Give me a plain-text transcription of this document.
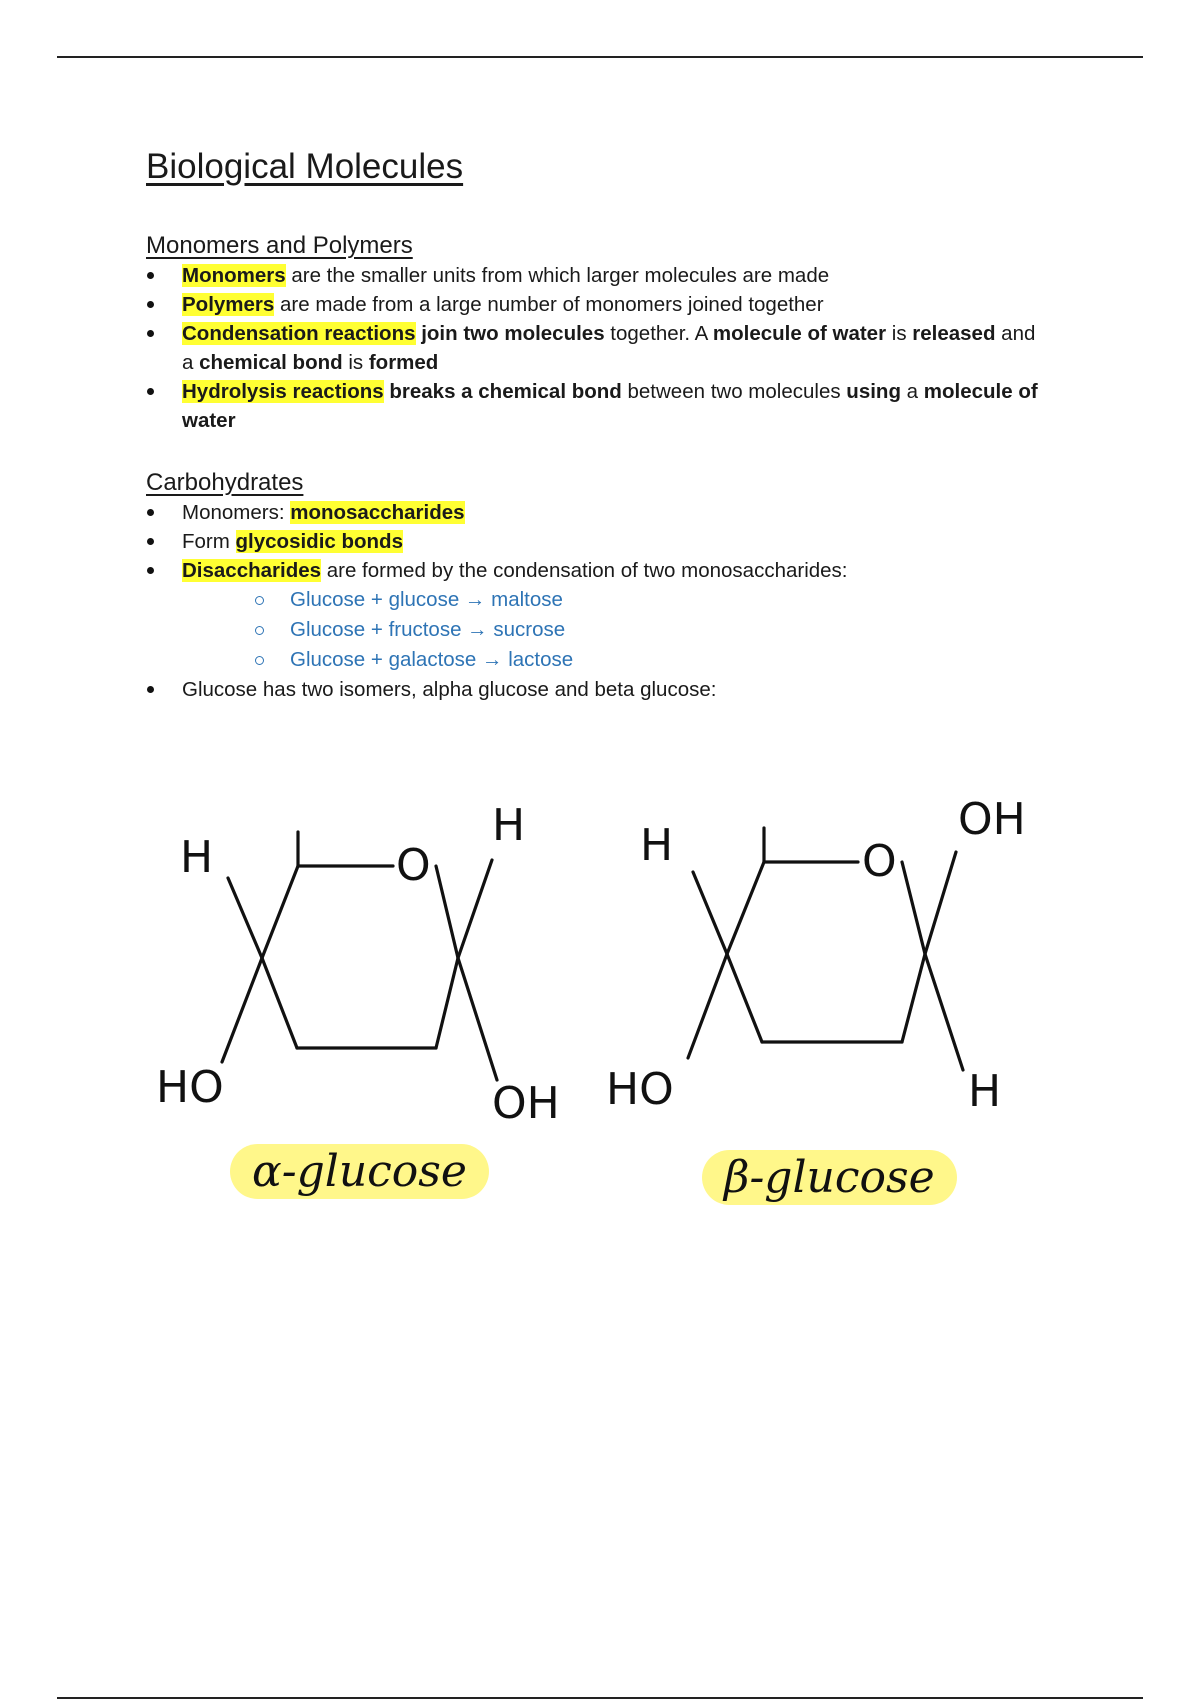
Biological Molecules
Monomers and Polymers
Monomers are the smaller units from which larger molecules are made
Polymers are made from a large number of monomers joined together
Condensation reactions join two molecules together. A molecule of water is released and a chemical bond is formed
Hydrolysis reactions breaks a chemical bond between two molecules using a molecule of water
Carbohydrates
Monomers: monosaccharides
Form glycosidic bonds
Disaccharides are formed by the condensation of two monosaccharides:
Glucose + glucose → maltose
Glucose + fructose → sucrose
Glucose + galactose → lactose
Glucose has two isomers, alpha glucose and beta glucose:
H	O
H
HO	OH
H	O
OH
HO	H
α-glucose	β-glucose
